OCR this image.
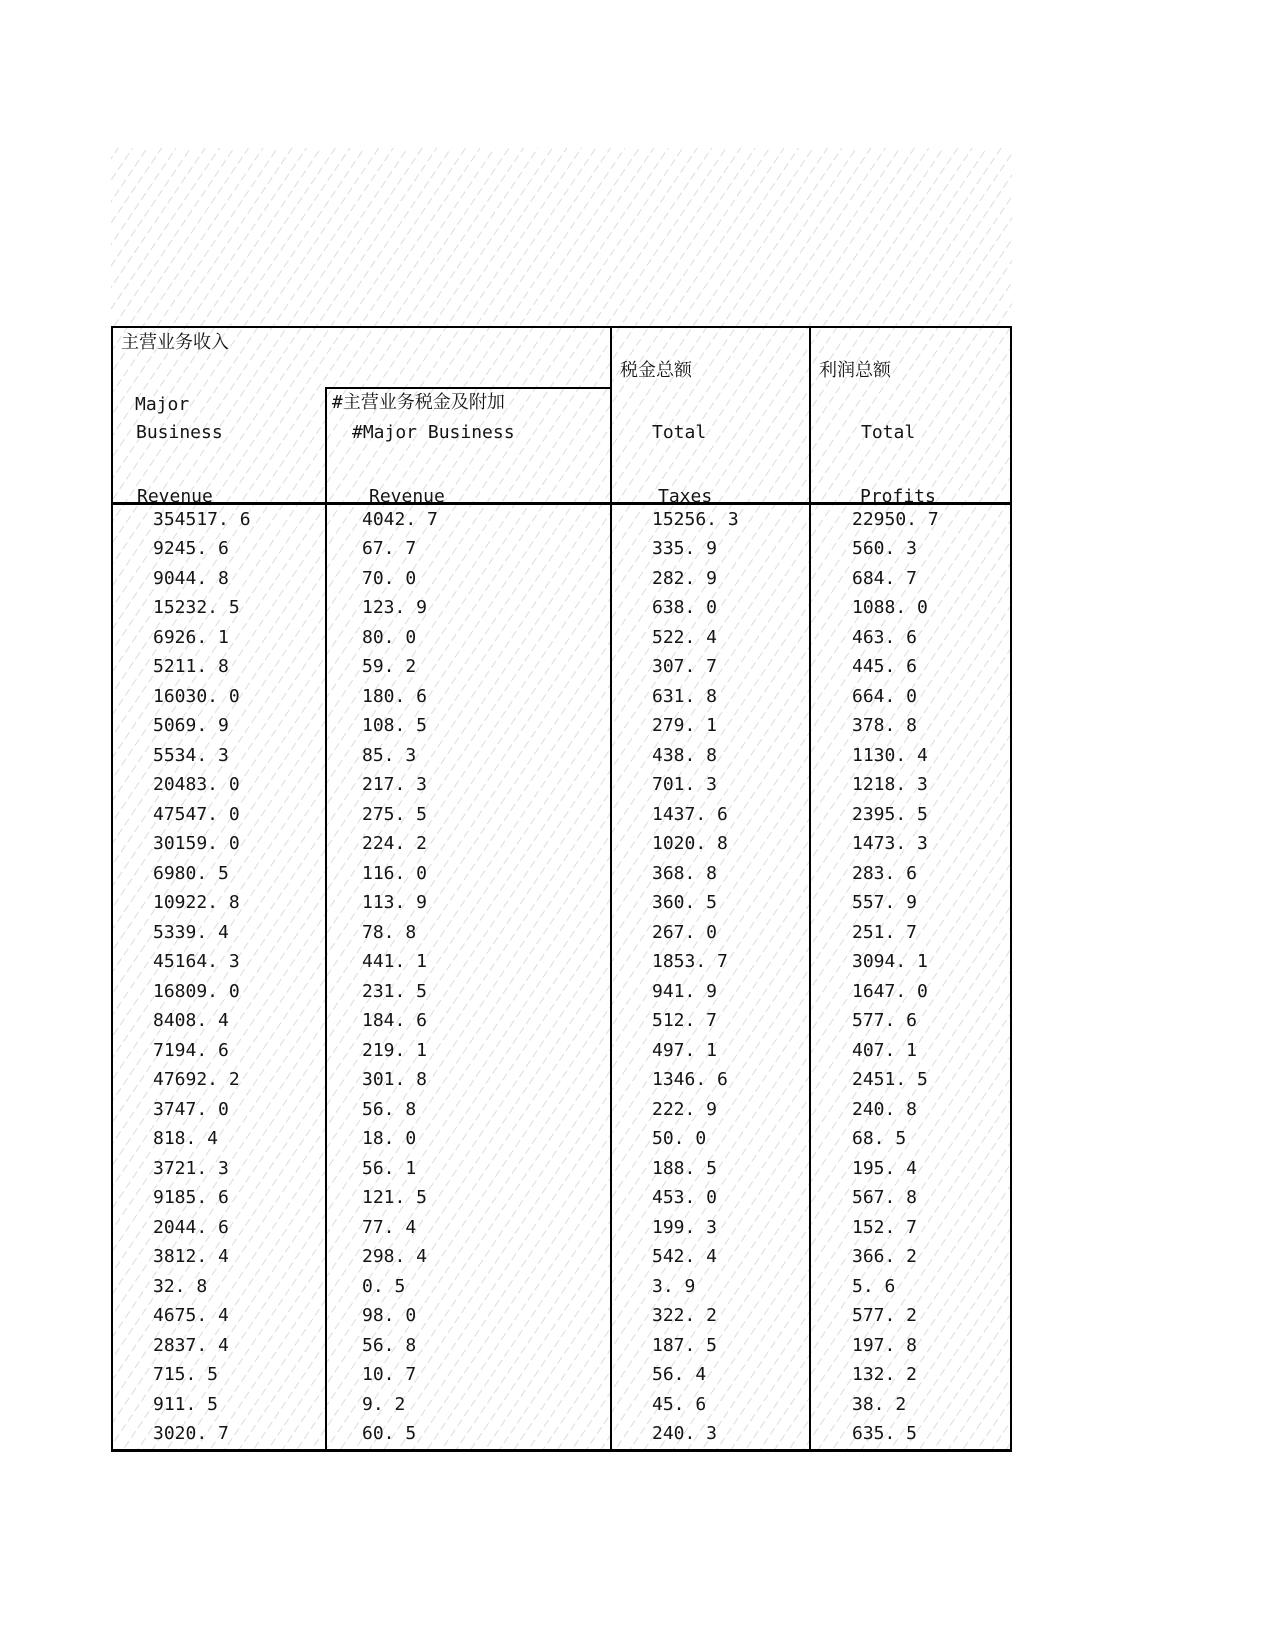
主营业务收入
税金总额	利润总额
Major	#主营业务税金及附加
Business	#Major Business	Total	Total
Revenue	Revenue	Taxes	Profits
354517. 6	4042. 7	15256. 3	22950. 7
9245. 6	67. 7	335. 9	560. 3
9044. 8	70. 0	282. 9	684. 7
15232. 5	123. 9	638. 0	1088. 0
6926. 1	80. 0	522. 4	463. 6
5211. 8	59. 2	307. 7	445. 6
16030. 0	180. 6	631. 8	664. 0
5069. 9	108. 5	279. 1	378. 8
5534. 3	85. 3	438. 8	1130. 4
20483. 0	217. 3	701. 3	1218. 3
47547. 0	275. 5	1437. 6	2395. 5
30159. 0	224. 2	1020. 8	1473. 3
6980. 5	116. 0	368. 8	283. 6
10922. 8	113. 9	360. 5	557. 9
5339. 4	78. 8	267. 0	251. 7
45164. 3	441. 1	1853. 7	3094. 1
16809. 0	231. 5	941. 9	1647. 0
8408. 4	184. 6	512. 7	577. 6
7194. 6	219. 1	497. 1	407. 1
47692. 2	301. 8	1346. 6	2451. 5
3747. 0	56. 8	222. 9	240. 8
818. 4	18. 0	50. 0	68. 5
3721. 3	56. 1	188. 5	195. 4
9185. 6	121. 5	453. 0	567. 8
2044. 6	77. 4	199. 3	152. 7
3812. 4	298. 4	542. 4	366. 2
32. 8	0. 5	3. 9	5. 6
4675. 4	98. 0	322. 2	577. 2
2837. 4	56. 8	187. 5	197. 8
715. 5	10. 7	56. 4	132. 2
911. 5	9. 2	45. 6	38. 2
3020. 7	60. 5	240. 3	635. 5
